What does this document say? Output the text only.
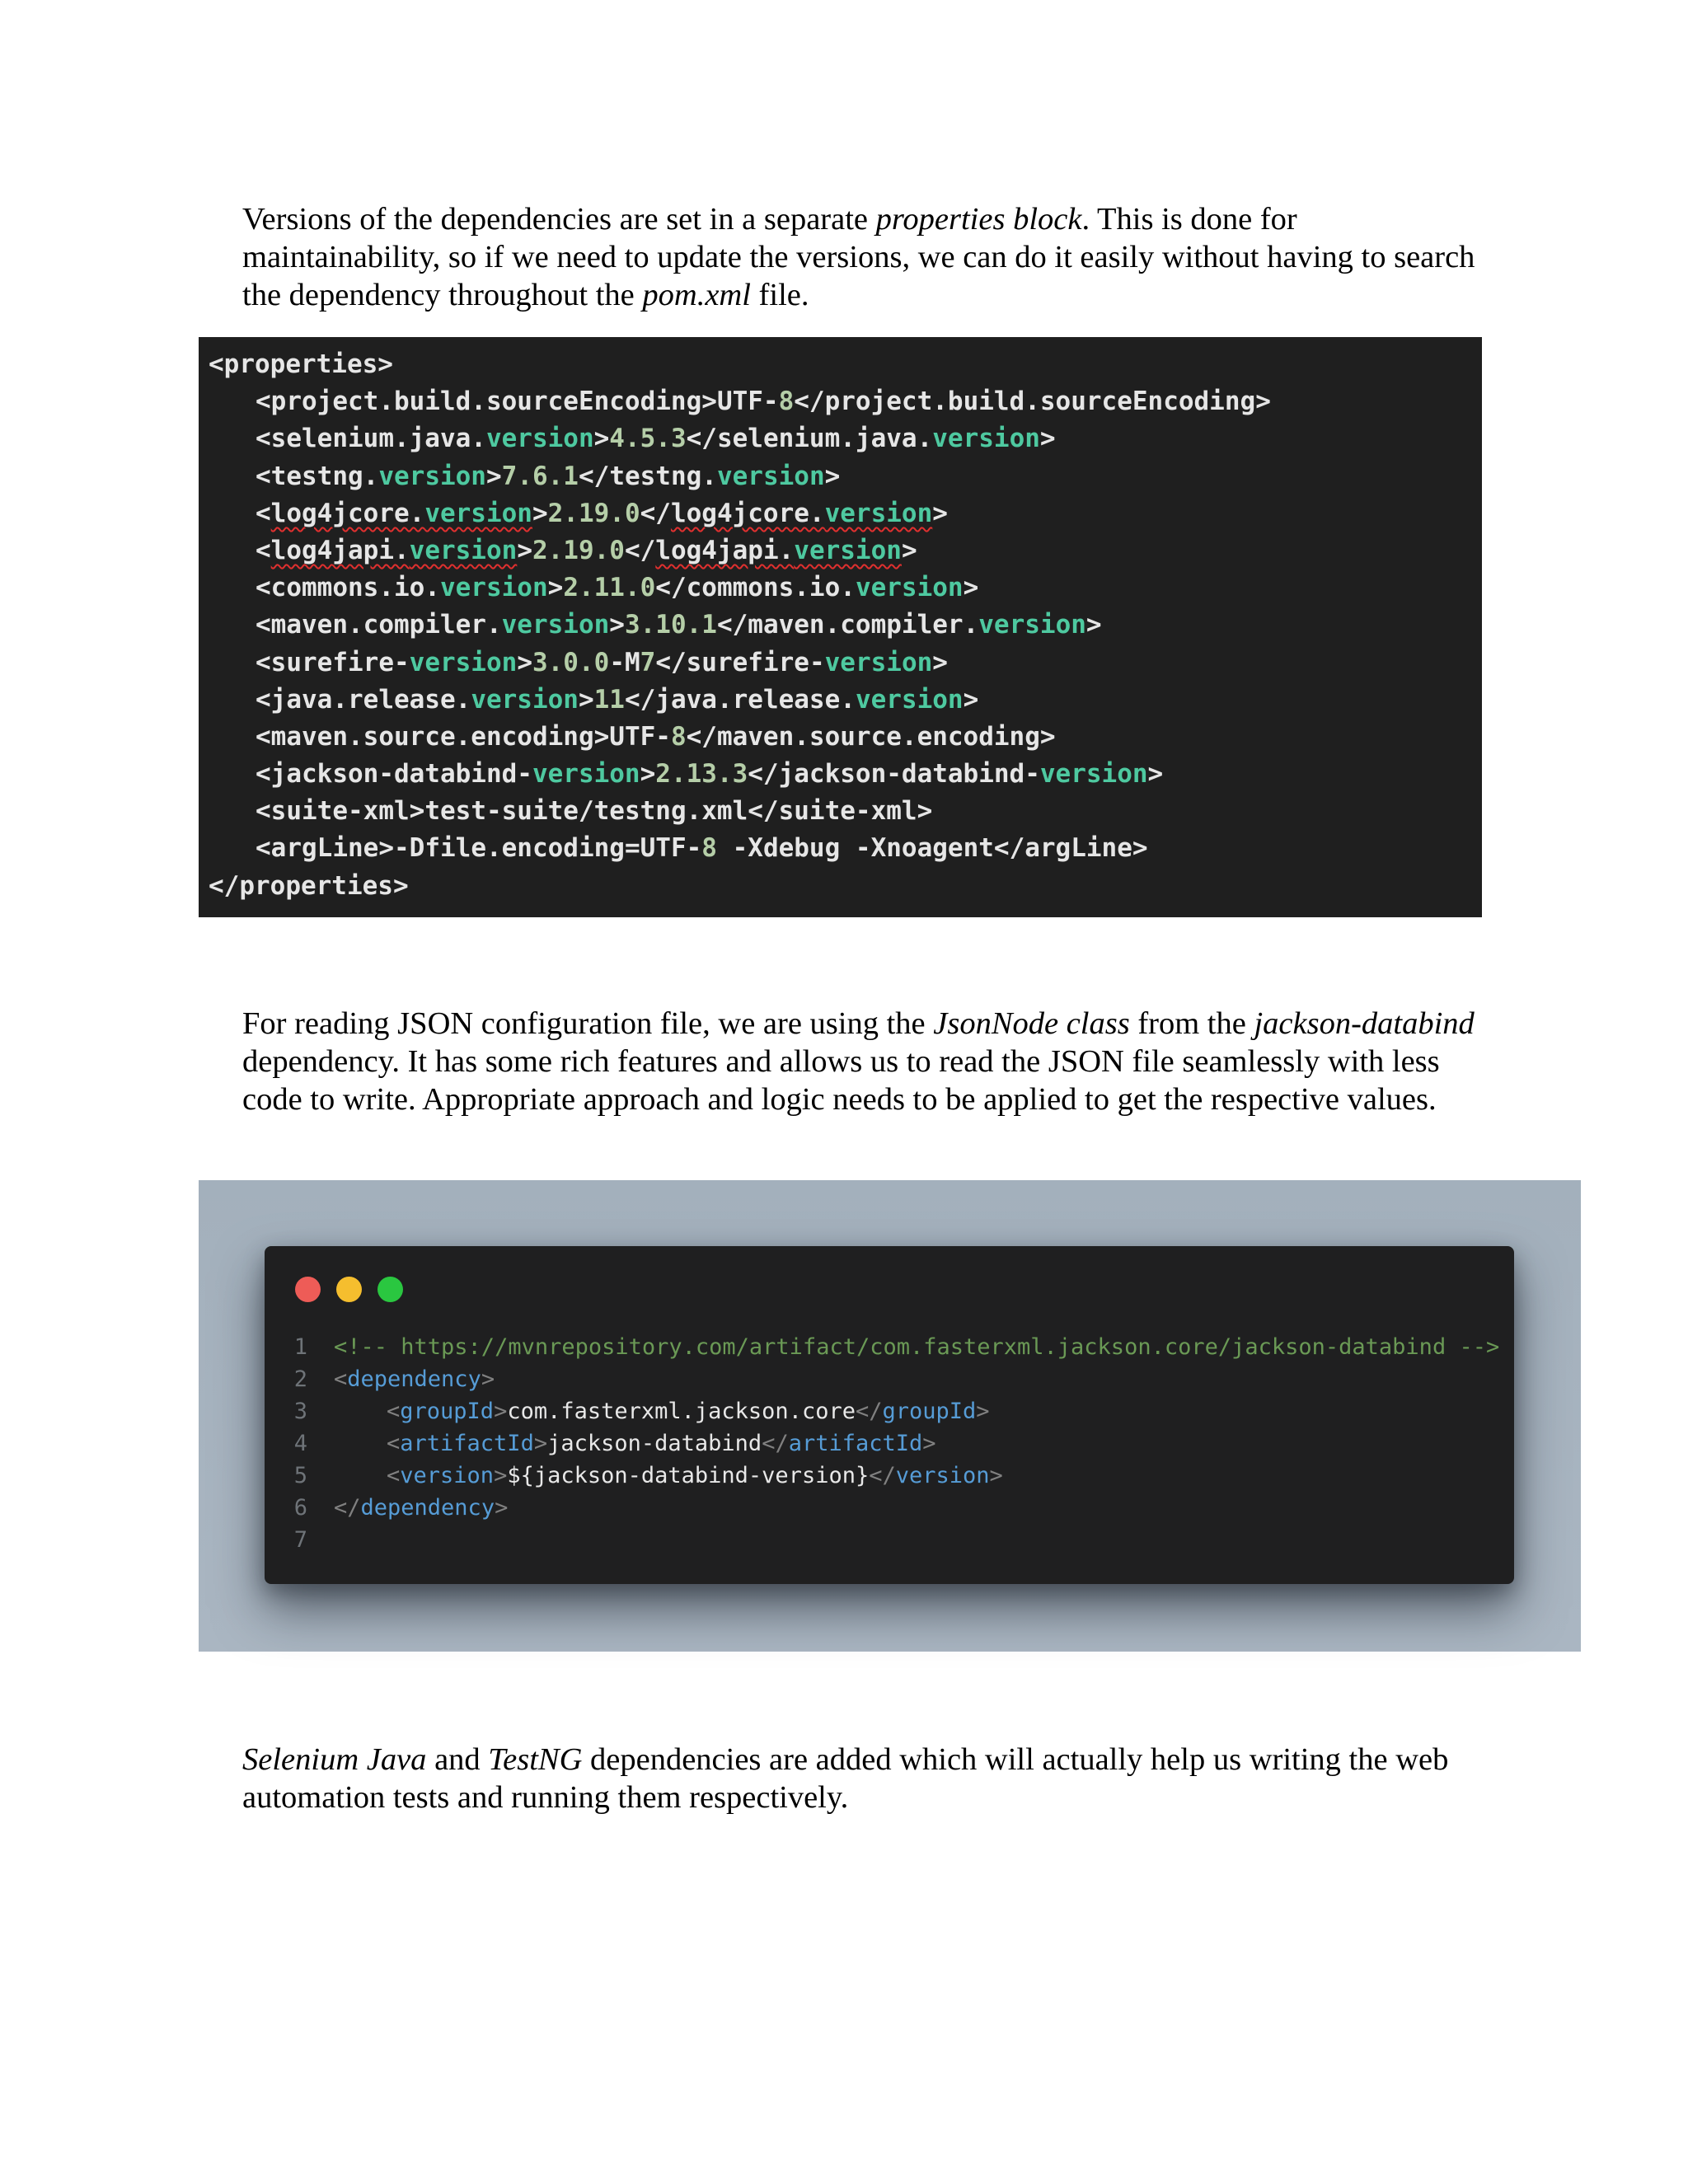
Versions of the dependencies are set in a separate properties block. This is done for maintainability, so if we need to update the versions, we can do it easily without having to search the dependency throughout the pom.xml file.

<properties>
<project.build.sourceEncoding>UTF-8</project.build.sourceEncoding>
<selenium.java.version>4.5.3</selenium.java.version>
<testng.version>7.6.1</testng.version>
<log4jcore.version>2.19.0</log4jcore.version>
<log4japi.version>2.19.0</log4japi.version>
<commons.io.version>2.11.0</commons.io.version>
<maven.compiler.version>3.10.1</maven.compiler.version>
<surefire-version>3.0.0-M7</surefire-version>
<java.release.version>11</java.release.version>
<maven.source.encoding>UTF-8</maven.source.encoding>
<jackson-databind-version>2.13.3</jackson-databind-version>
<suite-xml>test-suite/testng.xml</suite-xml>
<argLine>-Dfile.encoding=UTF-8 -Xdebug -Xnoagent</argLine>
</properties>

For reading JSON configuration file, we are using the JsonNode class from the jackson-databind dependency. It has some rich features and allows us to read the JSON file seamlessly with less code to write. Appropriate approach and logic needs to be applied to get the respective values.

1 <!-- https://mvnrepository.com/artifact/com.fasterxml.jackson.core/jackson-databind -->
2 < dependency >
3	< groupId > com.fasterxml.jackson.core </ groupId >
4	< artifactId > jackson-databind </ artifactId >
5	< version > ${jackson-databind-version} </ version >
6 </ dependency >
7

Selenium Java and TestNG dependencies are added which will actually help us writing the web automation tests and running them respectively.
